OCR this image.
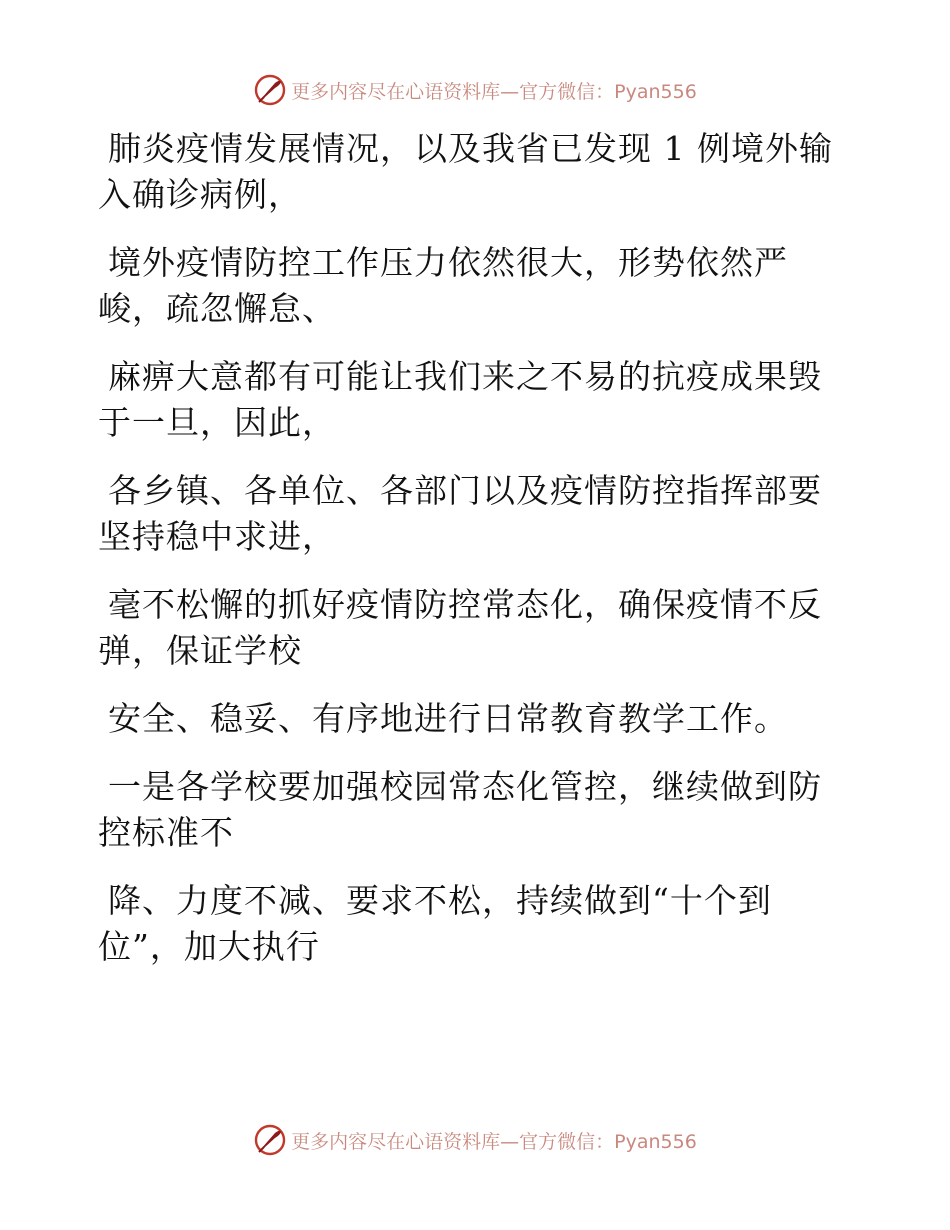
更多内容尽在心语资料库—官方微信：Pyan556
肺炎疫情发展情况，以及我省已发现 1 例境外输
入确诊病例，
境外疫情防控工作压力依然很大，形势依然严
峻，疏忽懈怠、
麻痹大意都有可能让我们来之不易的抗疫成果毁
于一旦，因此，
各乡镇、各单位、各部门以及疫情防控指挥部要
坚持稳中求进，
毫不松懈的抓好疫情防控常态化，确保疫情不反
弹，保证学校
安全、稳妥、有序地进行日常教育教学工作。
一是各学校要加强校园常态化管控，继续做到防
控标准不
降、力度不减、要求不松，持续做到“十个到
位”，加大执行
更多内容尽在心语资料库—官方微信：Pyan556
